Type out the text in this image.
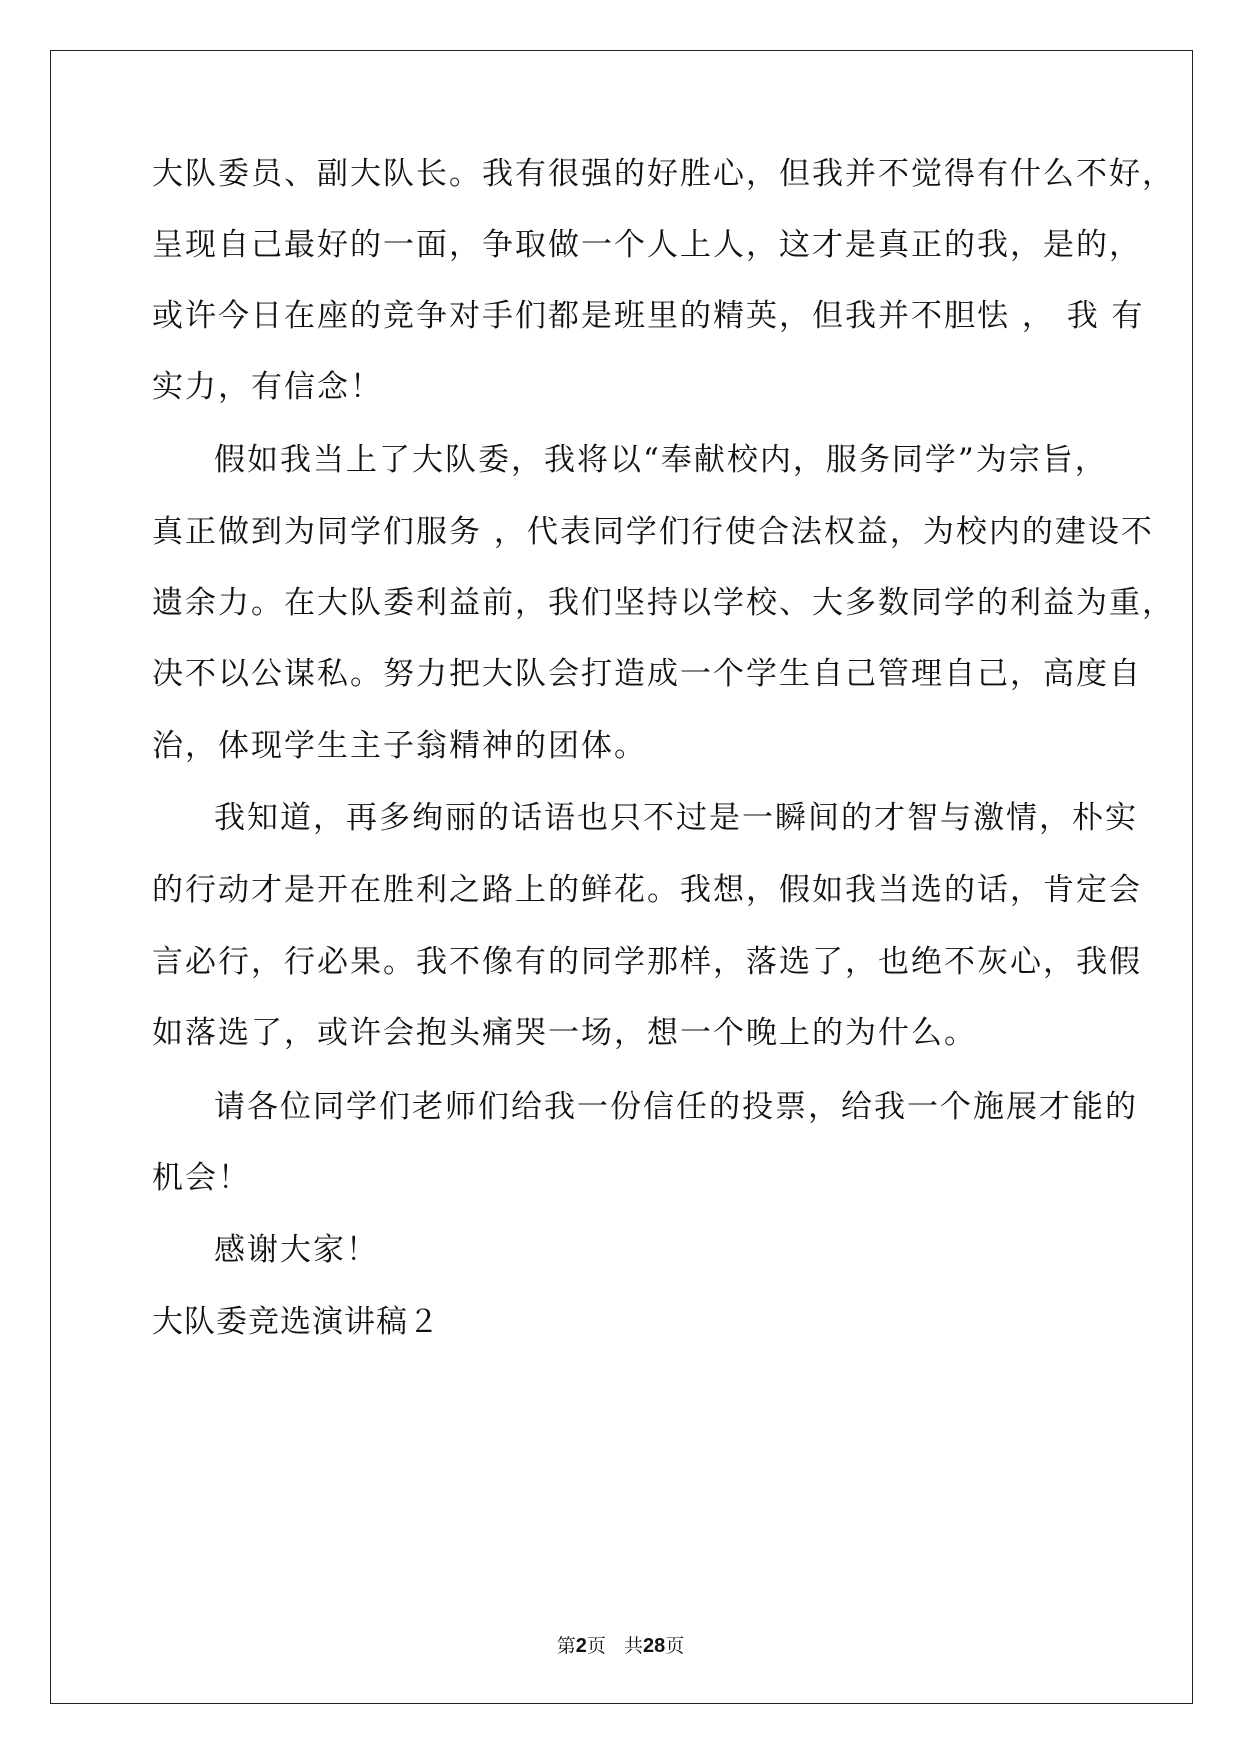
大队委员、副大队长。我有很强的好胜心，但我并不觉得有什么不好，
呈现自己最好的一面，争取做一个人上人，这才是真正的我，是的，
或许今日在座的竞争对手们都是班里的精英，但我并不胆怯 ， 我 有
实力，有信念！
假如我当上了大队委，我将以“奉献校内，服务同学”为宗旨，
真正做到为同学们服务 ，代表同学们行使合法权益，为校内的建设不
遗余力。在大队委利益前，我们坚持以学校、大多数同学的利益为重，
决不以公谋私。努力把大队会打造成一个学生自己管理自己，高度自
治，体现学生主子翁精神的团体。
我知道，再多绚丽的话语也只不过是一瞬间的才智与激情，朴实
的行动才是开在胜利之路上的鲜花。我想，假如我当选的话，肯定会
言必行，行必果。我不像有的同学那样，落选了，也绝不灰心，我假
如落选了，或许会抱头痛哭一场，想一个晚上的为什么。
请各位同学们老师们给我一份信任的投票，给我一个施展才能的
机会！
感谢大家！
大队委竞选演讲稿２
第2页 共28页
